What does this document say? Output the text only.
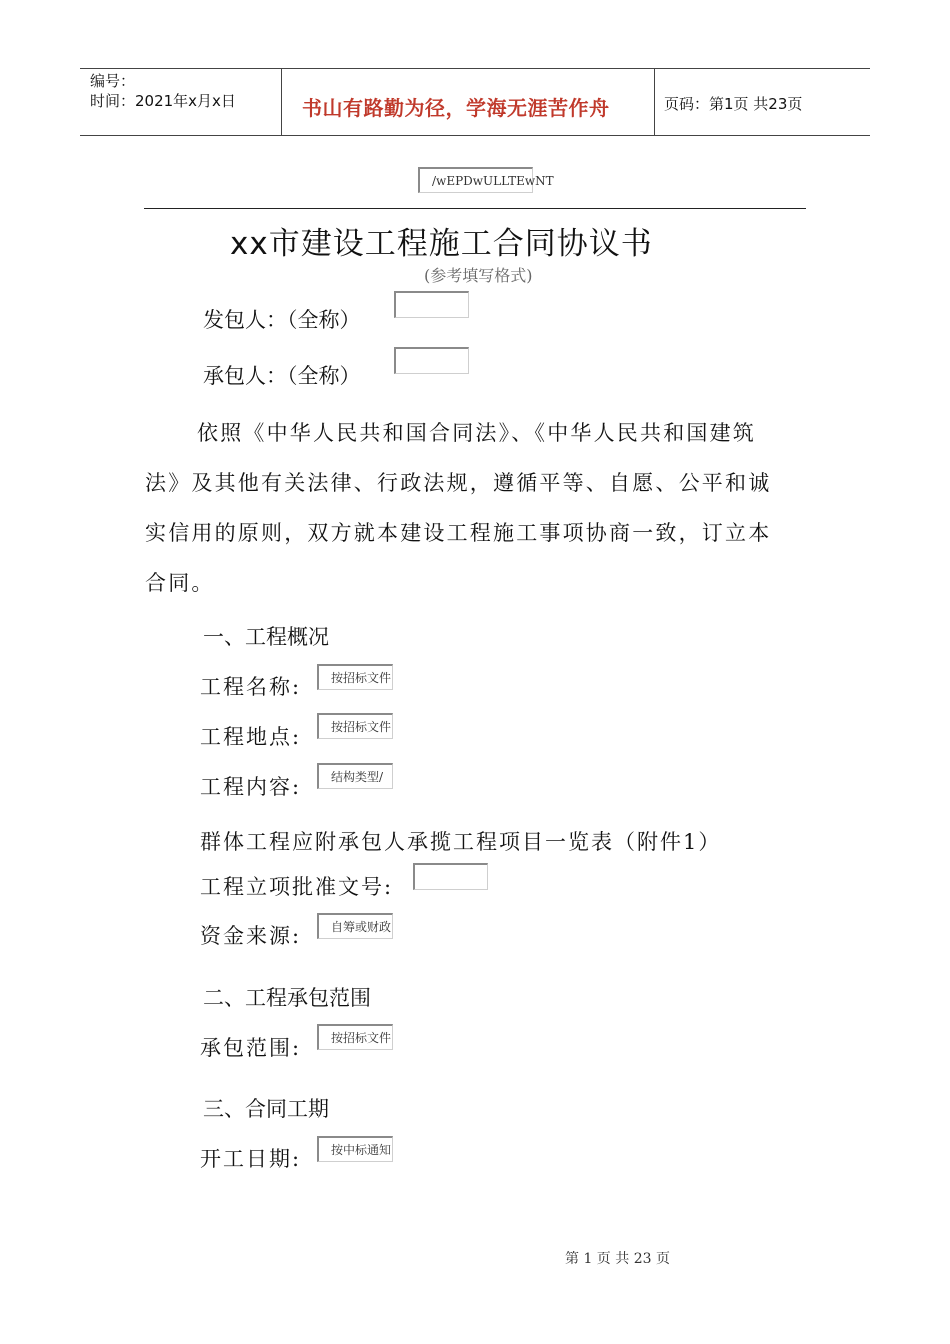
编号：
时间：2021年x月x日	书山有路勤为径，学海无涯苦作舟	页码：第1页 共23页
/wEPDwULLTEwNT
xx市建设工程施工合同协议书
(参考填写格式)
发包人：（全称）
承包人：（全称）
依照《中华人民共和国合同法》、《中华人民共和国建筑
法》及其他有关法律、行政法规，遵循平等、自愿、公平和诚
实信用的原则，双方就本建设工程施工事项协商一致，订立本
合同。
一、工程概况
工程名称:	按招标文件
工程地点:	按招标文件
工程内容:	结构类型/
群体工程应附承包人承揽工程项目一览表（附件1）
工程立项批准文号:
资金来源:	自筹或财政
二、工程承包范围
承包范围:	按招标文件
三、合同工期
开工日期:	按中标通知
第 1 页 共 23 页
